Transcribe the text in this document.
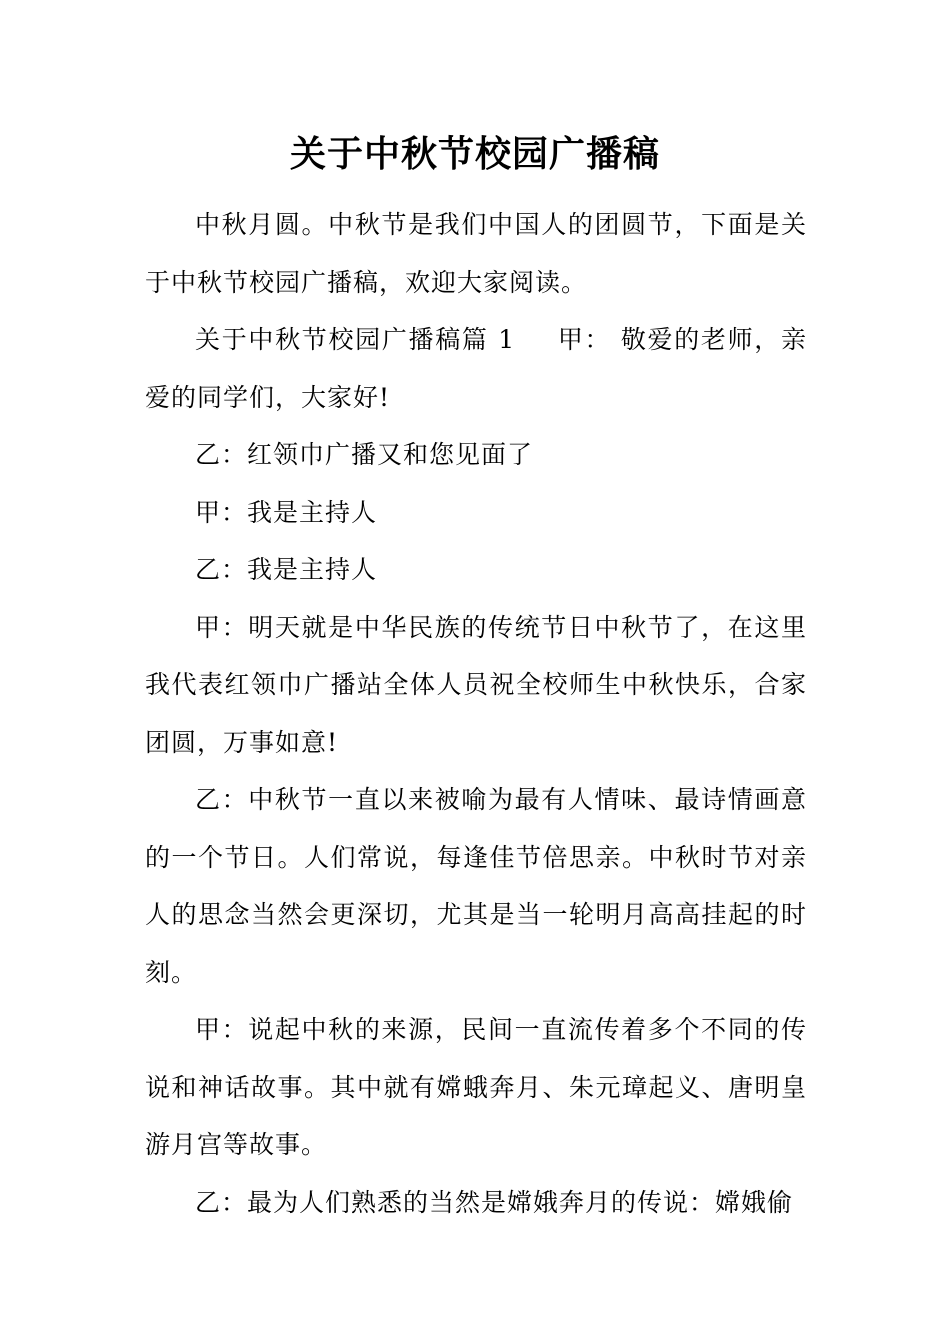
关于中秋节校园广播稿

中秋月圆。中秋节是我们中国人的团圆节，下面是关于中秋节校园广播稿，欢迎大家阅读。

关于中秋节校园广播稿篇 1 甲： 敬爱的老师，亲爱的同学们，大家好!

乙：红领巾广播又和您见面了

甲：我是主持人

乙：我是主持人

甲：明天就是中华民族的传统节日中秋节了，在这里我代表红领巾广播站全体人员祝全校师生中秋快乐，合家团圆，万事如意!

乙：中秋节一直以来被喻为最有人情味、最诗情画意的一个节日。人们常说，每逢佳节倍思亲。中秋时节对亲人的思念当然会更深切，尤其是当一轮明月高高挂起的时刻。

甲：说起中秋的来源，民间一直流传着多个不同的传说和神话故事。其中就有嫦蛾奔月、朱元璋起义、唐明皇游月宫等故事。

乙：最为人们熟悉的当然是嫦娥奔月的传说：嫦娥偷
